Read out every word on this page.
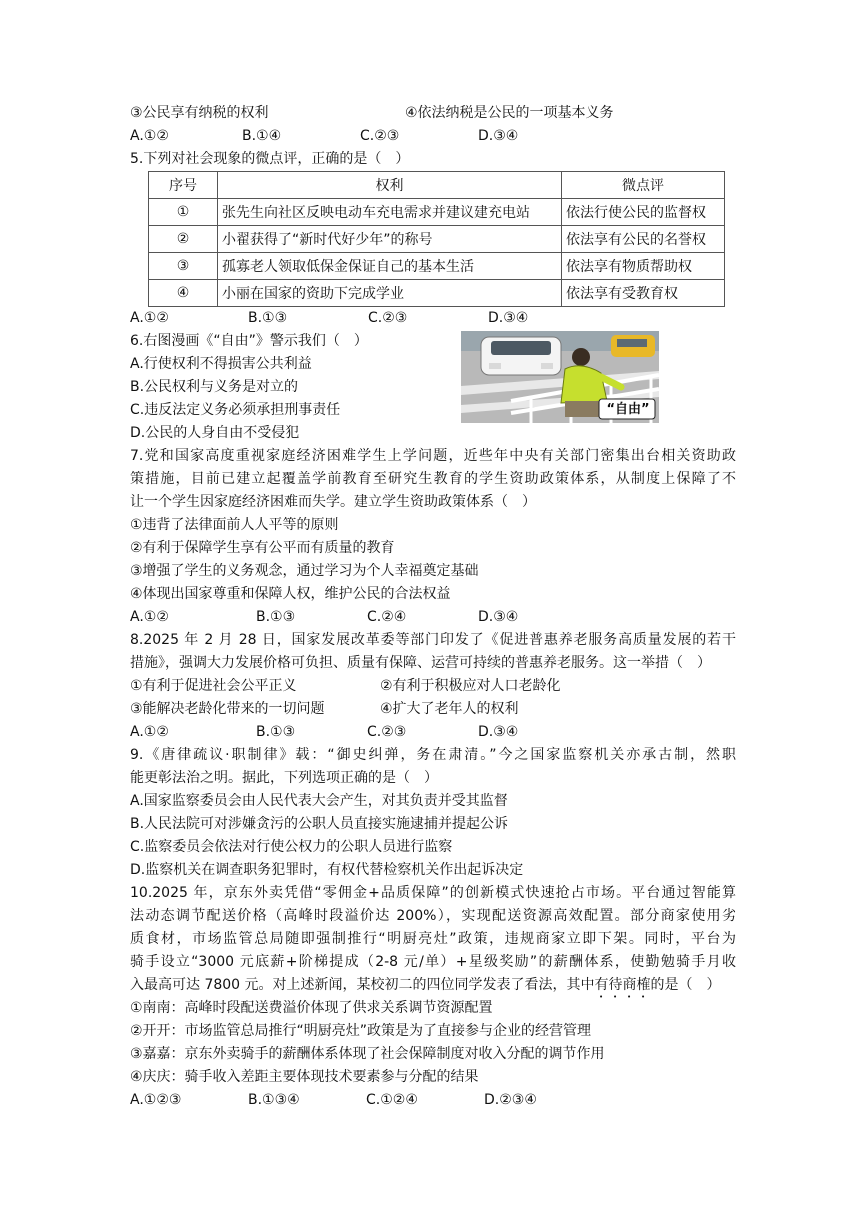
③公民享有纳税的权利	④依法纳税是公民的一项基本义务
A.①②	B.①④	C.②③	D.③④
5.下列对社会现象的微点评，正确的是（　）
序号	权利	微点评
①	张先生向社区反映电动车充电需求并建议建充电站	依法行使公民的监督权
②	小翟获得了“新时代好少年”的称号	依法享有公民的名誉权
③	孤寡老人领取低保金保证自己的基本生活	依法享有物质帮助权
④	小丽在国家的资助下完成学业	依法享有受教育权
A.①②	B.①③	C.②③	D.③④
6.右图漫画《“自由”》警示我们（　）
A.行使权利不得损害公共利益
B.公民权利与义务是对立的
C.违反法定义务必须承担刑事责任
D.公民的人身自由不受侵犯
“自由”
7.党和国家高度重视家庭经济困难学生上学问题，近些年中央有关部门密集出台相关资助政
策措施，目前已建立起覆盖学前教育至研究生教育的学生资助政策体系，从制度上保障了不
让一个学生因家庭经济困难而失学。建立学生资助政策体系（　）
①违背了法律面前人人平等的原则
②有利于保障学生享有公平而有质量的教育
③增强了学生的义务观念，通过学习为个人幸福奠定基础
④体现出国家尊重和保障人权，维护公民的合法权益
A.①②	B.①③	C.②④	D.③④
8.2025 年 2 月 28 日，国家发展改革委等部门印发了《促进普惠养老服务高质量发展的若干
措施》，强调大力发展价格可负担、质量有保障、运营可持续的普惠养老服务。这一举措（　）
①有利于促进社会公平正义	②有利于积极应对人口老龄化
③能解决老龄化带来的一切问题	④扩大了老年人的权利
A.①②	B.①③	C.②③	D.③④
9.《唐律疏议·职制律》载：“御史纠弹，务在肃清。”今之国家监察机关亦承古制，然职
能更彰法治之明。据此，下列选项正确的是（　）
A.国家监察委员会由人民代表大会产生，对其负责并受其监督
B.人民法院可对涉嫌贪污的公职人员直接实施逮捕并提起公诉
C.监察委员会依法对行使公权力的公职人员进行监察
D.监察机关在调查职务犯罪时，有权代替检察机关作出起诉决定
10.2025 年，京东外卖凭借“零佣金+品质保障”的创新模式快速抢占市场。平台通过智能算
法动态调节配送价格（高峰时段溢价达 200%），实现配送资源高效配置。部分商家使用劣
质食材，市场监管总局随即强制推行“明厨亮灶”政策，违规商家立即下架。同时，平台为
骑手设立“3000 元底薪+阶梯提成（2-8 元/单）+星级奖励”的薪酬体系，使勤勉骑手月收
入最高可达 7800 元。对上述新闻，某校初二的四位同学发表了看法，其中有待商榷的是（　）
①南南：高峰时段配送费溢价体现了供求关系调节资源配置
②开开：市场监管总局推行“明厨亮灶”政策是为了直接参与企业的经营管理
③嘉嘉：京东外卖骑手的薪酬体系体现了社会保障制度对收入分配的调节作用
④庆庆：骑手收入差距主要体现技术要素参与分配的结果
A.①②③	B.①③④	C.①②④	D.②③④
